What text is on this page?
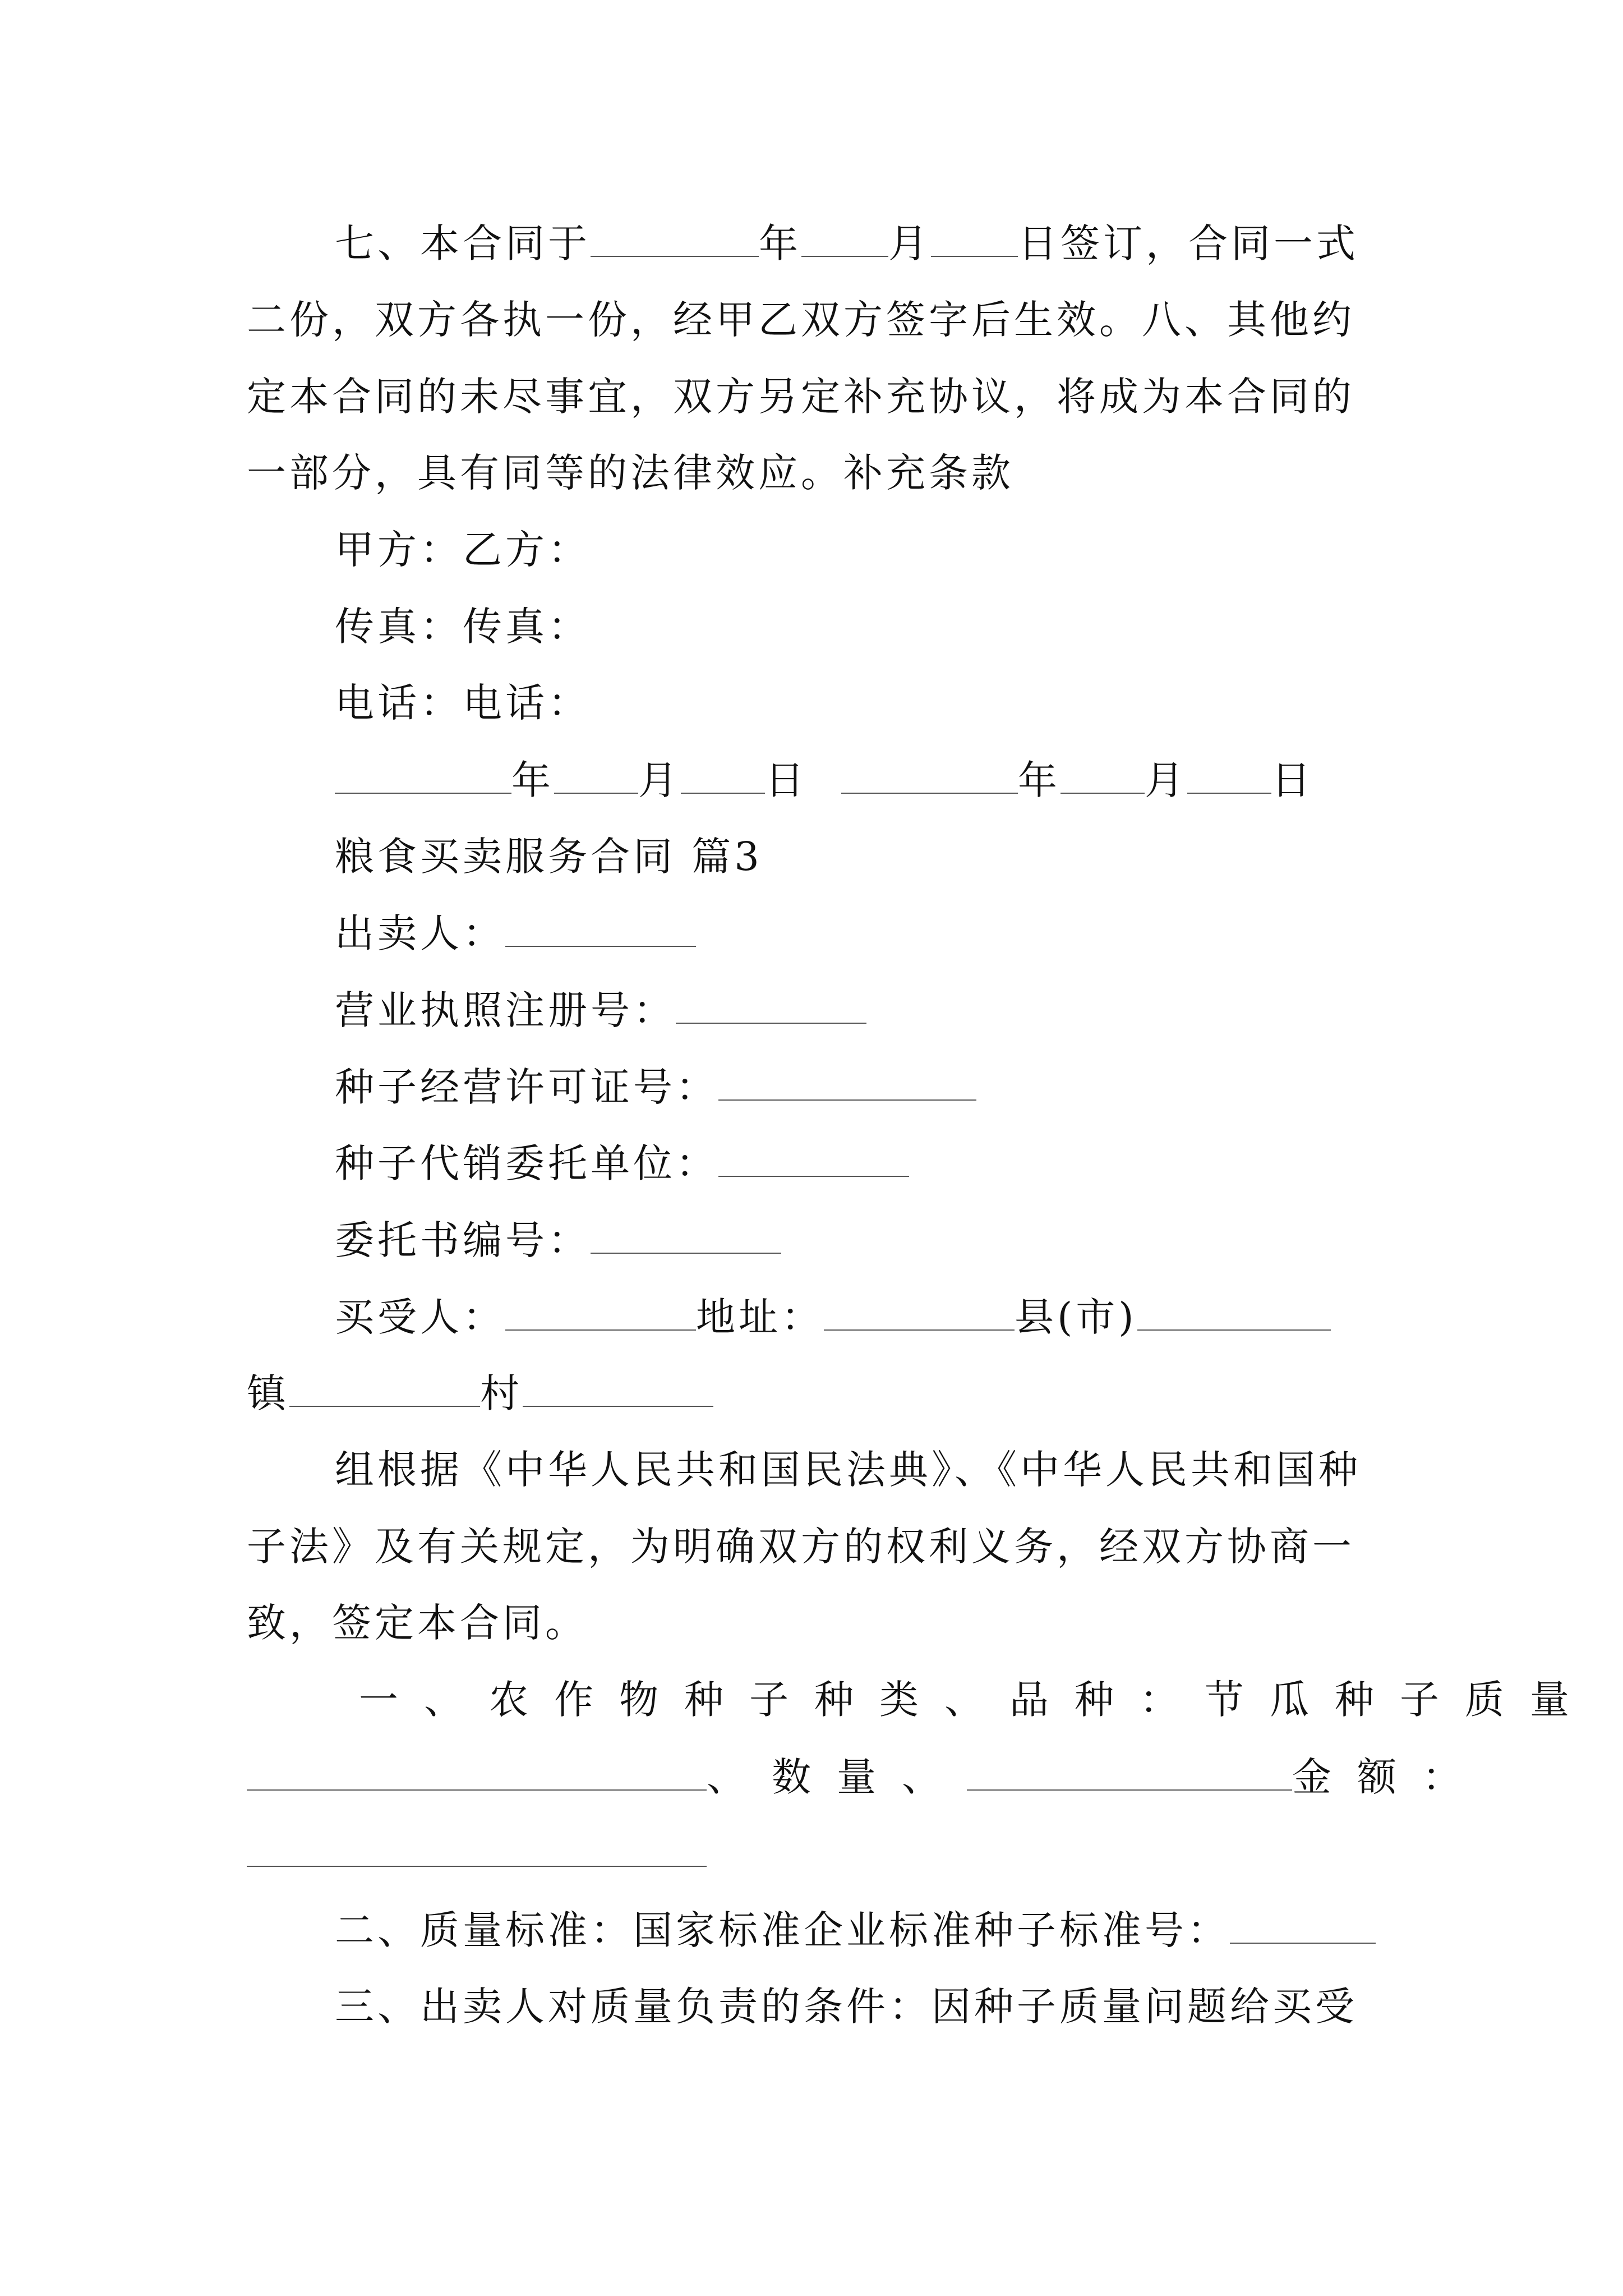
七、本合同于	年 月 日签订，合同一式
二份，双方各执一份，经甲乙双方签字后生效。八、其他约
定本合同的未尽事宜，双方另定补充协议，将成为本合同的
一部分，具有同等的法律效应。补充条款
甲方：乙方：
传真：传真：
电话：电话：
年 月 日	年 月 日
粮食买卖服务合同 篇3
出卖人：
营业执照注册号：
种子经营许可证号：
种子代销委托单位：
委托书编号：
买受人：	地址：	县(市)
镇	村
组根据《中华人民共和国民法典》、《中华人民共和国种
子法》及有关规定，为明确双方的权利义务，经双方协商一
致，签定本合同。
一、农作物种子种类、品种：节瓜种子质量
、数量、	金额：
二、质量标准：国家标准企业标准种子标准号：
三、出卖人对质量负责的条件：因种子质量问题给买受
